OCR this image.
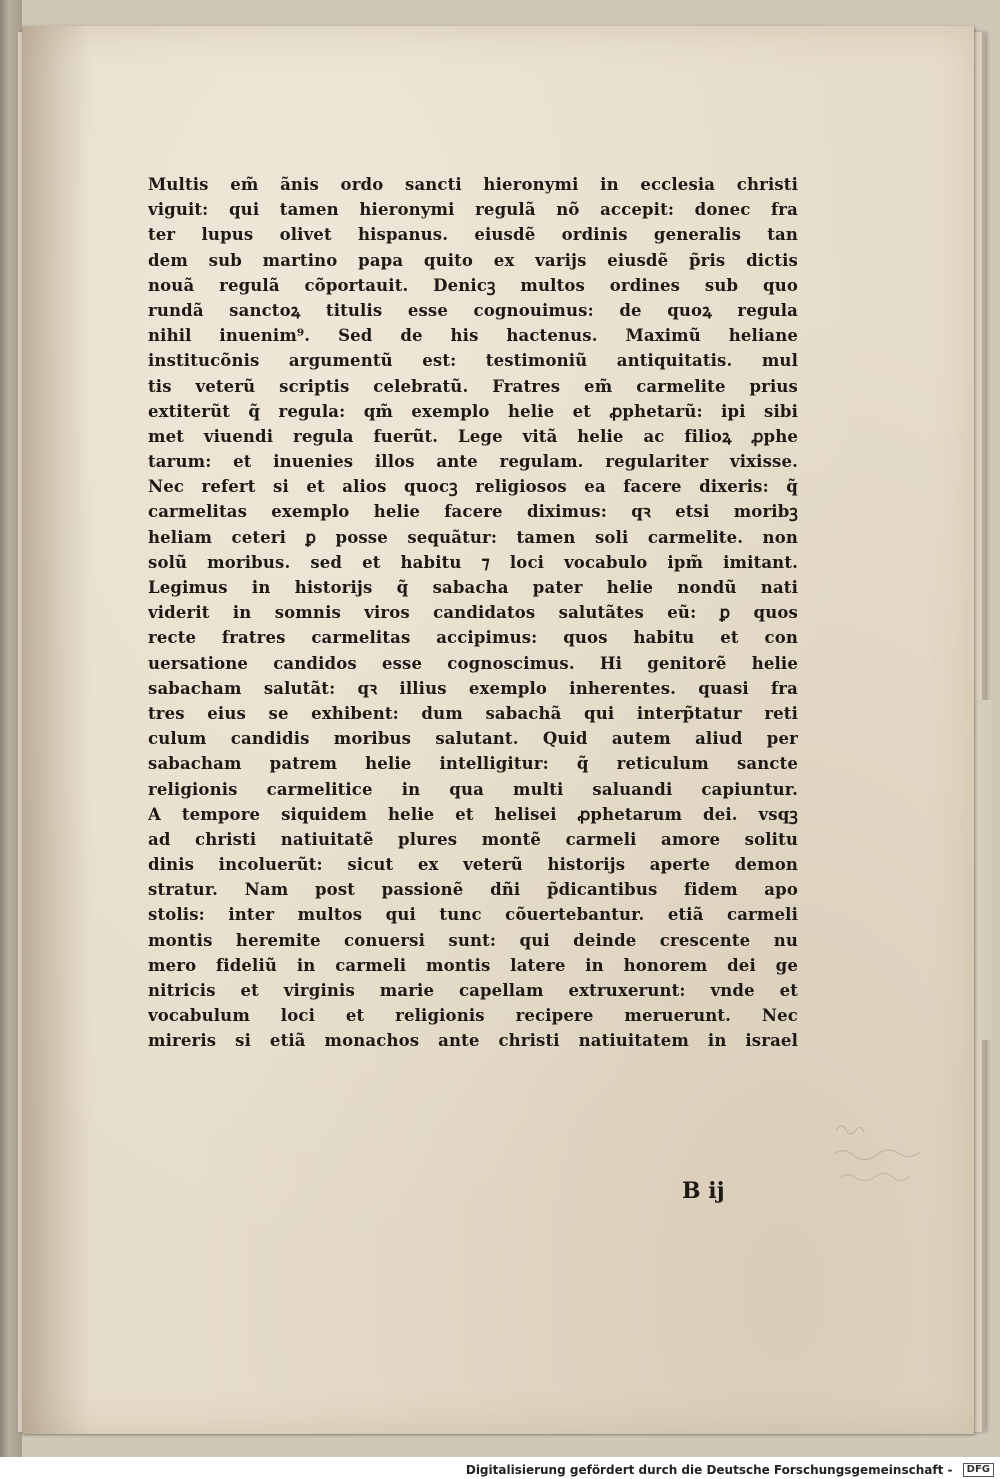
Multis em̃ ãnis ordo sancti hieronymi in ecclesia christi
viguit: qui tamen hieronymi regulã nõ accepit: donec fra
ter lupus olivet hispanus. eiusdẽ ordinis generalis tan
dem sub martino papa quito ex varijs eiusdẽ p̃ris dictis
nouã regulã cõportauit. Denicꝫ multos ordines sub quo
rundã sanctoꝝ titulis esse cognouimus: de quoꝝ regula
nihil inuenim⁹. Sed de his hactenus. Maximũ heliane
institucõnis argumentũ est: testimoniũ antiquitatis. mul
tis veterũ scriptis celebratũ. Fratres em̃ carmelite prius
extiterũt q̃ regula: qm̃ exemplo helie et ꝓphetarũ: ipi sibi
met viuendi regula fuerũt. Lege vitã helie ac filioꝝ ꝓphe
tarum: et inuenies illos ante regulam. regulariter vixisse.
Nec refert si et alios quocꝫ religiosos ea facere dixeris: q̃
carmelitas exemplo helie facere diximus: qꝛ etsi moribꝫ
heliam ceteri ꝑ posse sequãtur: tamen soli carmelite. non
solũ moribus. sed et habitu ⁊ loci vocabulo ipm̃ imitant.
Legimus in historijs q̃ sabacha pater helie nondũ nati
viderit in somnis viros candidatos salutãtes eũ: ꝑ quos
recte fratres carmelitas accipimus: quos habitu et con
uersatione candidos esse cognoscimus. Hi genitorẽ helie
sabacham salutãt: qꝛ illius exemplo inherentes. quasi fra
tres eius se exhibent: dum sabachã qui interp̃tatur reti
culum candidis moribus salutant. Quid autem aliud per
sabacham patrem helie intelligitur: q̃ reticulum sancte
religionis carmelitice in qua multi saluandi capiuntur.
A tempore siquidem helie et helisei ꝓphetarum dei. vsqꝫ
ad christi natiuitatẽ plures montẽ carmeli amore solitu
dinis incoluerũt: sicut ex veterũ historijs aperte demon
stratur. Nam post passionẽ dñi p̃dicantibus fidem apo
stolis: inter multos qui tunc cõuertebantur. etiã carmeli
montis heremite conuersi sunt: qui deinde crescente nu
mero fideliũ in carmeli montis latere in honorem dei ge
nitricis et virginis marie capellam extruxerunt: vnde et
vocabulum loci et religionis recipere meruerunt. Nec
mireris si etiã monachos ante christi natiuitatem in israel
B ij
Digitalisierung gefördert durch die Deutsche Forschungsgemeinschaft - DFG
